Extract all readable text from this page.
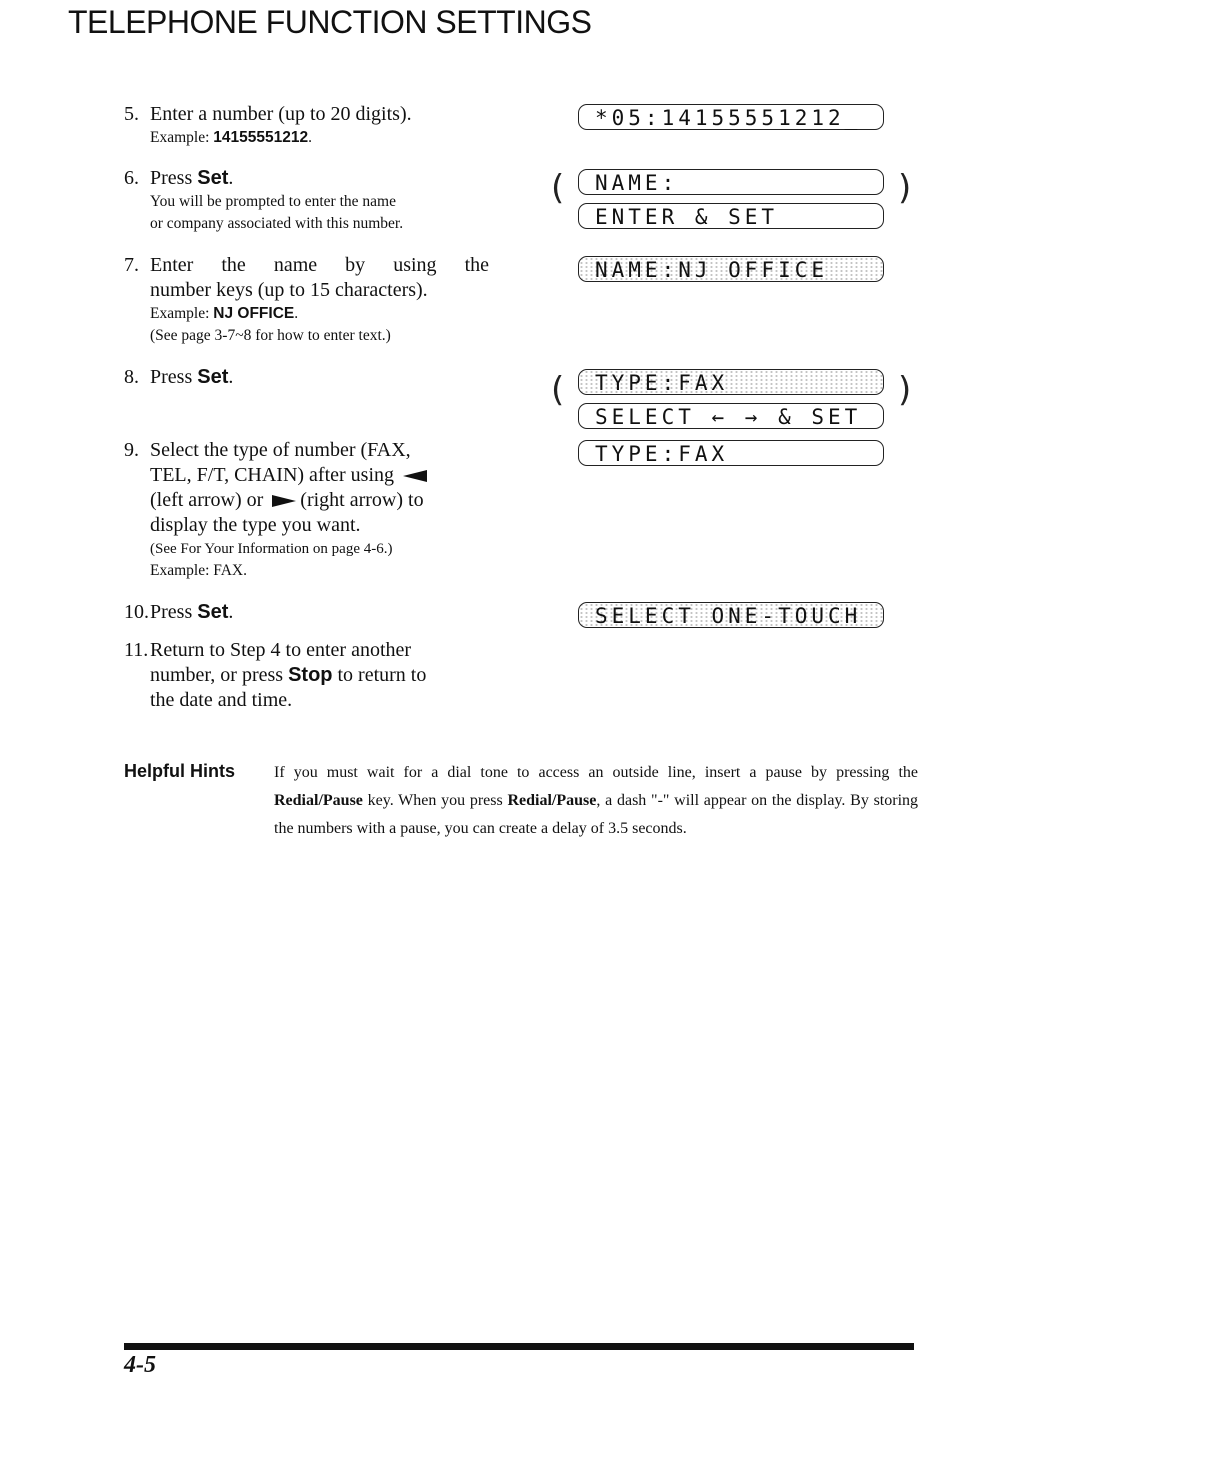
TELEPHONE FUNCTION SETTINGS
5. Enter a number (up to 20 digits).
Example: 14155551212.
6. Press Set.
You will be prompted to enter the name
or company associated with this number.
7. Enter the name by using the
number keys (up to 15 characters).
Example: NJ OFFICE.
(See page 3-7~8 for how to enter text.)
8. Press Set.
9. Select the type of number (FAX,
TEL, F/T, CHAIN) after using
(left arrow) or (right arrow) to
display the type you want.
(See For Your Information on page 4-6.)
Example: FAX.
10.Press Set.
11.Return to Step 4 to enter another
number, or press Stop to return to
the date and time.
*05:14155551212_
(	NAME:
ENTER & SET
)
NAME:NJ OFFICE
(	TYPE:FAX
SELECT ← → & SET
)
TYPE:FAX
SELECT ONE-TOUCH
Helpful Hints If you must wait for a dial tone to access an outside line, insert a pause by pressing the Redial/Pause key. When you press Redial/Pause, a dash "-" will appear on the display. By storing the numbers with a pause, you can create a delay of 3.5 seconds.
4-5
